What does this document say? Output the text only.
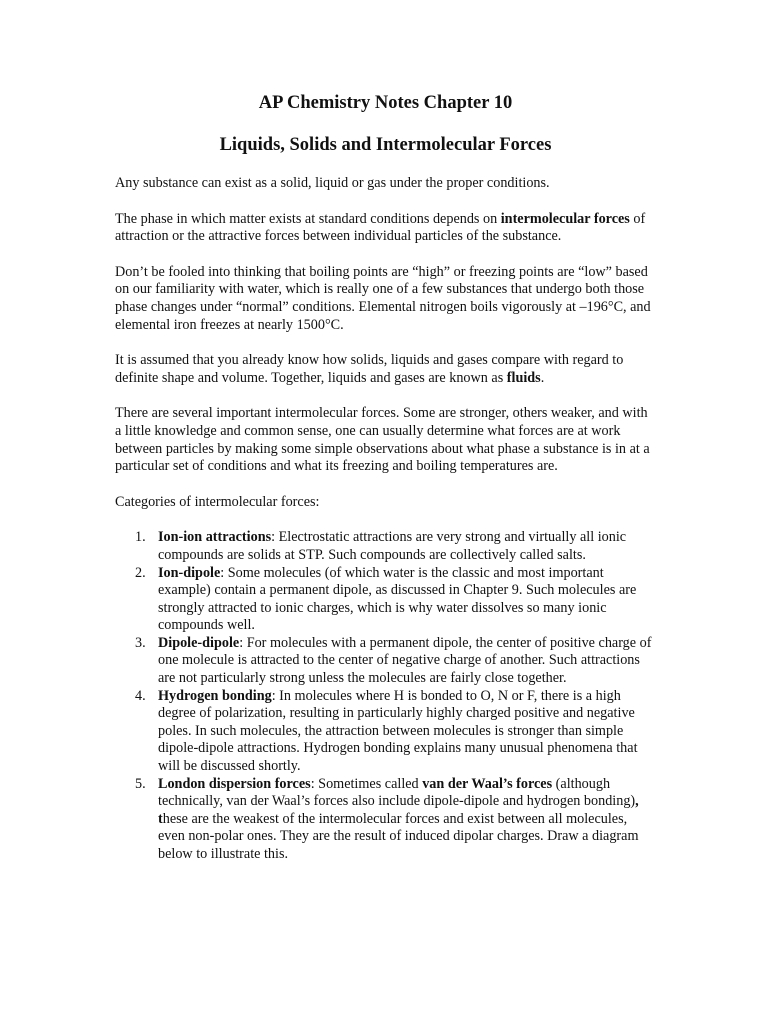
AP Chemistry Notes Chapter 10
Liquids, Solids and Intermolecular Forces

Any substance can exist as a solid, liquid or gas under the proper conditions.

The phase in which matter exists at standard conditions depends on intermolecular forces of attraction or the attractive forces between individual particles of the substance.

Don’t be fooled into thinking that boiling points are “high” or freezing points are “low” based on our familiarity with water, which is really one of a few substances that undergo both those phase changes under “normal” conditions. Elemental nitrogen boils vigorously at –196°C, and elemental iron freezes at nearly 1500°C.

It is assumed that you already know how solids, liquids and gases compare with regard to definite shape and volume. Together, liquids and gases are known as fluids.

There are several important intermolecular forces. Some are stronger, others weaker, and with a little knowledge and common sense, one can usually determine what forces are at work between particles by making some simple observations about what phase a substance is in at a particular set of conditions and what its freezing and boiling temperatures are.

Categories of intermolecular forces:

1. Ion-ion attractions: Electrostatic attractions are very strong and virtually all ionic compounds are solids at STP. Such compounds are collectively called salts.
2. Ion-dipole: Some molecules (of which water is the classic and most important example) contain a permanent dipole, as discussed in Chapter 9. Such molecules are strongly attracted to ionic charges, which is why water dissolves so many ionic compounds well.
3. Dipole-dipole: For molecules with a permanent dipole, the center of positive charge of one molecule is attracted to the center of negative charge of another. Such attractions are not particularly strong unless the molecules are fairly close together.
4. Hydrogen bonding: In molecules where H is bonded to O, N or F, there is a high degree of polarization, resulting in particularly highly charged positive and negative poles. In such molecules, the attraction between molecules is stronger than simple dipole-dipole attractions. Hydrogen bonding explains many unusual phenomena that will be discussed shortly.
5. London dispersion forces: Sometimes called van der Waal’s forces (although technically, van der Waal’s forces also include dipole-dipole and hydrogen bonding), these are the weakest of the intermolecular forces and exist between all molecules, even non-polar ones. They are the result of induced dipolar charges. Draw a diagram below to illustrate this.
